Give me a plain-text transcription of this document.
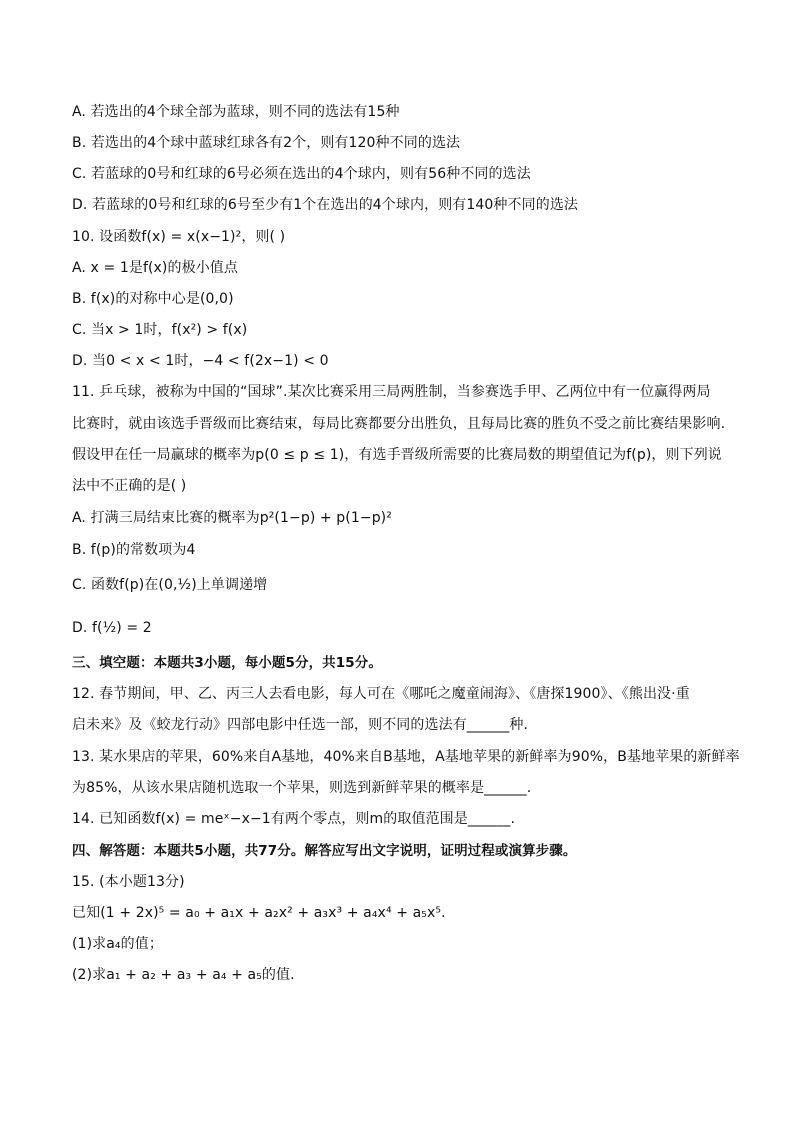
A. 若选出的4个球全部为蓝球，则不同的选法有15种
B. 若选出的4个球中蓝球红球各有2个，则有120种不同的选法
C. 若蓝球的0号和红球的6号必须在选出的4个球内，则有56种不同的选法
D. 若蓝球的0号和红球的6号至少有1个在选出的4个球内，则有140种不同的选法
10. 设函数f(x) = x(x−1)²，则( )
A. x = 1是f(x)的极小值点
B. f(x)的对称中心是(0,0)
C. 当x > 1时，f(x²) > f(x)
D. 当0 < x < 1时，−4 < f(2x−1) < 0
11. 乒乓球，被称为中国的“国球”.某次比赛采用三局两胜制，当参赛选手甲、乙两位中有一位赢得两局
比赛时，就由该选手晋级而比赛结束，每局比赛都要分出胜负，且每局比赛的胜负不受之前比赛结果影响.
假设甲在任一局赢球的概率为p(0 ≤ p ≤ 1)，有选手晋级所需要的比赛局数的期望值记为f(p)，则下列说
法中不正确的是( )
A. 打满三局结束比赛的概率为p²(1−p) + p(1−p)²
B. f(p)的常数项为4
C. 函数f(p)在(0,½)上单调递增
D. f(½) = 2
三、填空题：本题共3小题，每小题5分，共15分。
12. 春节期间，甲、乙、丙三人去看电影，每人可在《哪吒之魔童闹海》、《唐探1900》、《熊出没·重
启未来》及《蛟龙行动》四部电影中任选一部，则不同的选法有______种.
13. 某水果店的苹果，60%来自A基地，40%来自B基地，A基地苹果的新鲜率为90%，B基地苹果的新鲜率
为85%，从该水果店随机选取一个苹果，则选到新鲜苹果的概率是______.
14. 已知函数f(x) = meˣ−x−1有两个零点，则m的取值范围是______.
四、解答题：本题共5小题，共77分。解答应写出文字说明，证明过程或演算步骤。
15. (本小题13分)
已知(1 + 2x)⁵ = a₀ + a₁x + a₂x² + a₃x³ + a₄x⁴ + a₅x⁵.
(1)求a₄的值；
(2)求a₁ + a₂ + a₃ + a₄ + a₅的值.
